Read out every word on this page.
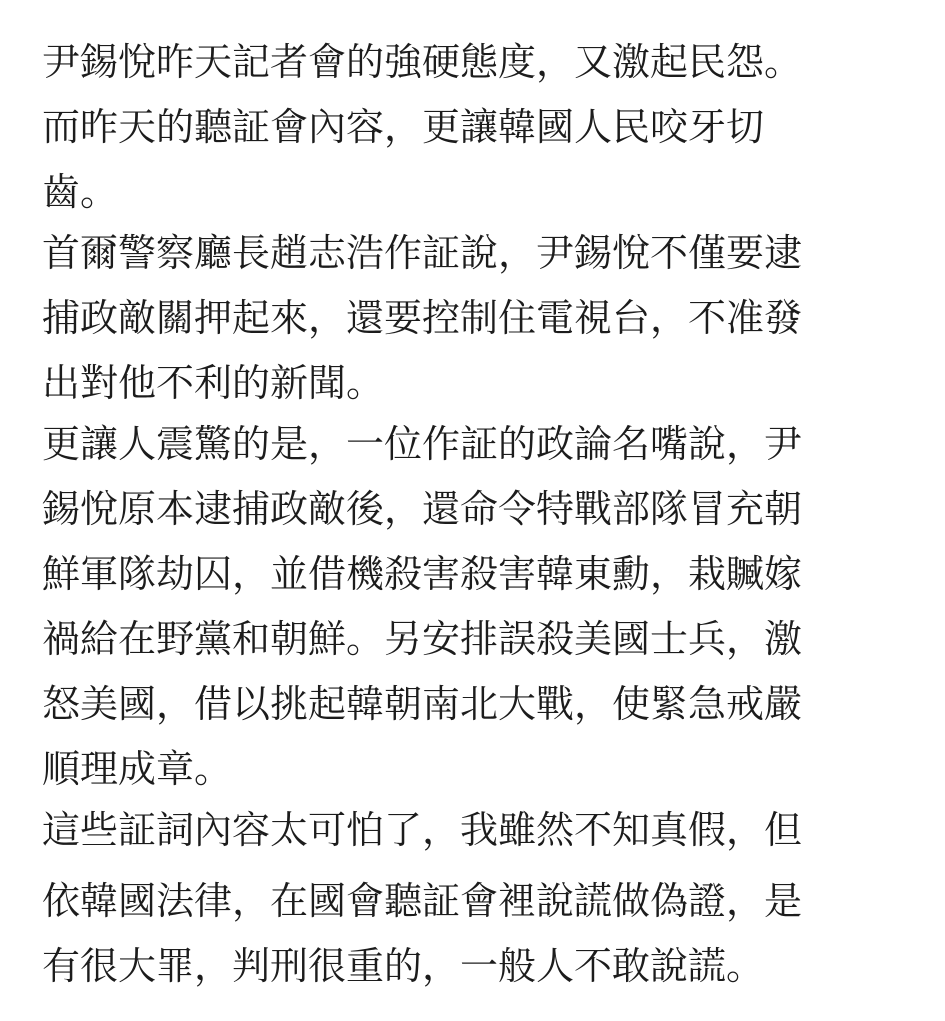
尹錫悅昨天記者會的強硬態度，又激起民怨。
而昨天的聽証會內容，更讓韓國人民咬牙切
齒。
首爾警察廳長趙志浩作証說，尹錫悅不僅要逮
捕政敵關押起來，還要控制住電視台，不准發
出對他不利的新聞。
更讓人震驚的是，一位作証的政論名嘴說，尹
錫悅原本逮捕政敵後，還命令特戰部隊冒充朝
鮮軍隊劫囚，並借機殺害殺害韓東勳，栽贓嫁
禍給在野黨和朝鮮。另安排誤殺美國士兵，激
怒美國，借以挑起韓朝南北大戰，使緊急戒嚴
順理成章。
這些証詞內容太可怕了，我雖然不知真假，但
依韓國法律，在國會聽証會裡說謊做偽證，是
有很大罪，判刑很重的，一般人不敢說謊。
